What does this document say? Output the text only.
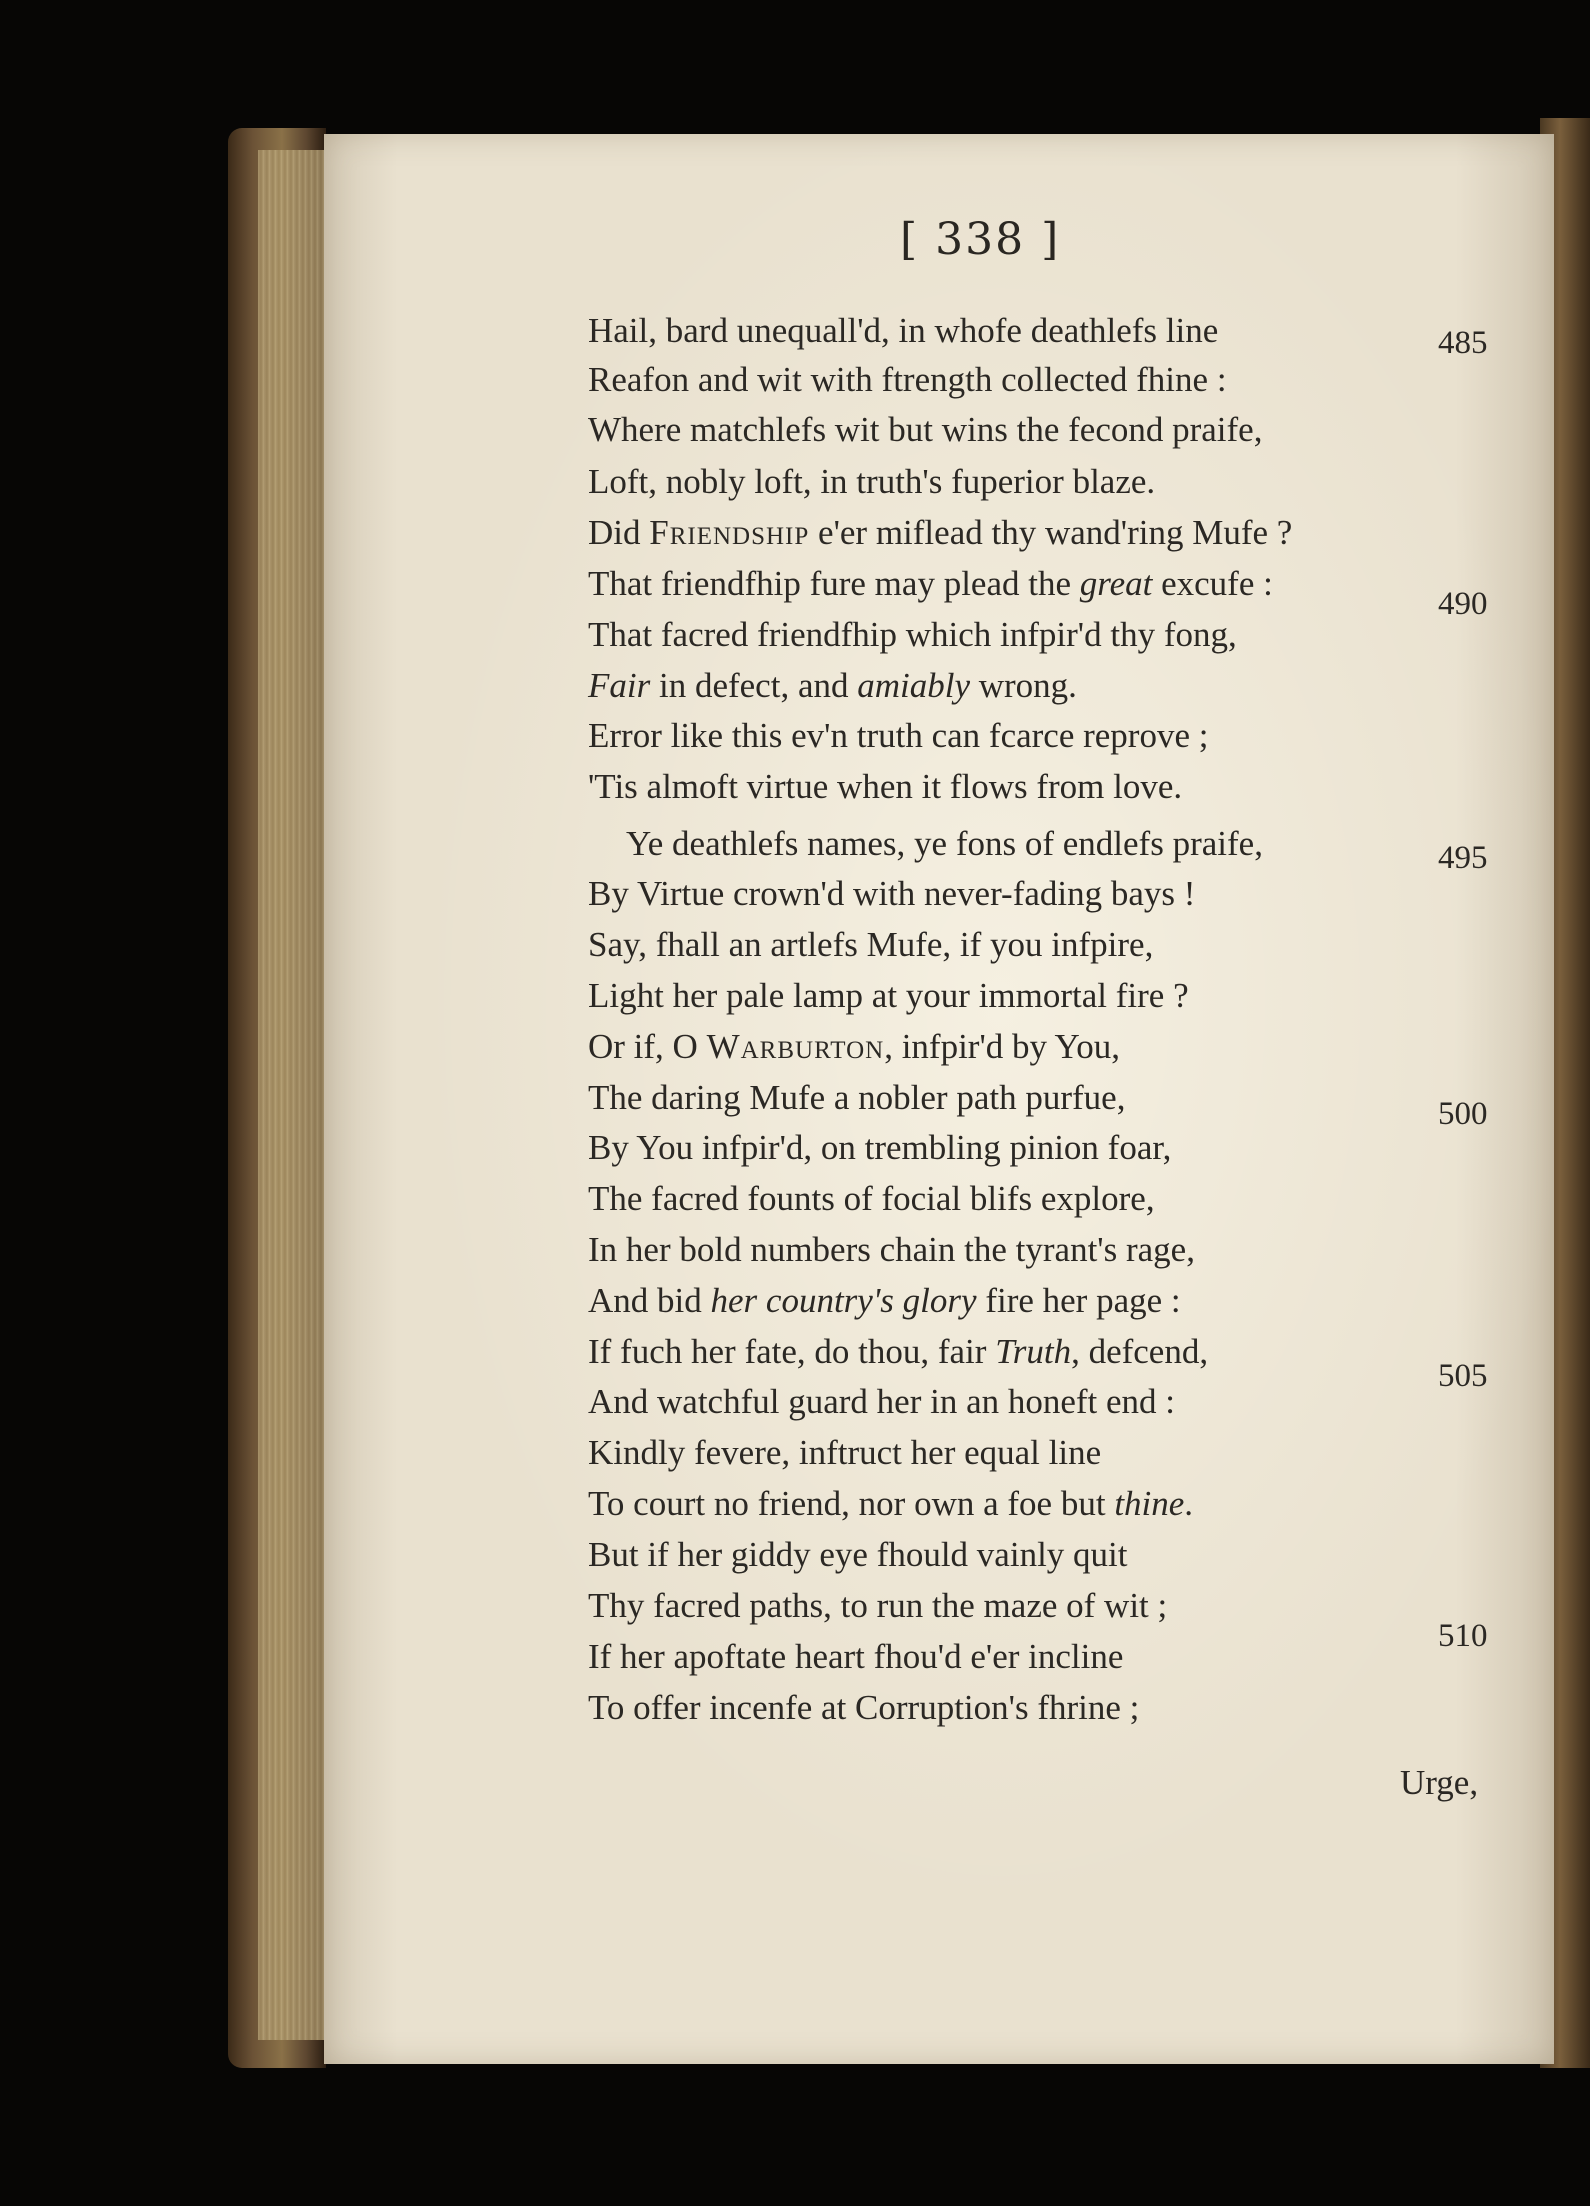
[ 338 ]
Hail, bard unequall'd, in whofe deathlefs line
Reafon and wit with ftrength collected fhine :
Where matchlefs wit but wins the fecond praife,
Loft, nobly loft, in truth's fuperior blaze.
Did Friendship e'er miflead thy wand'ring Mufe ?
That friendfhip fure may plead the great excufe :
That facred friendfhip which infpir'd thy fong,
Fair in defect, and amiably wrong.
Error like this ev'n truth can fcarce reprove ;
'Tis almoft virtue when it flows from love.
Ye deathlefs names, ye fons of endlefs praife,
By Virtue crown'd with never-fading bays !
Say, fhall an artlefs Mufe, if you infpire,
Light her pale lamp at your immortal fire ?
Or if, O Warburton, infpir'd by You,
The daring Mufe a nobler path purfue,
By You infpir'd, on trembling pinion foar,
The facred founts of focial blifs explore,
In her bold numbers chain the tyrant's rage,
And bid her country's glory fire her page :
If fuch her fate, do thou, fair Truth, defcend,
And watchful guard her in an honeft end :
Kindly fevere, inftruct her equal line
To court no friend, nor own a foe but thine.
But if her giddy eye fhould vainly quit
Thy facred paths, to run the maze of wit ;
If her apoftate heart fhou'd e'er incline
To offer incenfe at Corruption's fhrine ;
485
490
495
500
505
510
Urge,
